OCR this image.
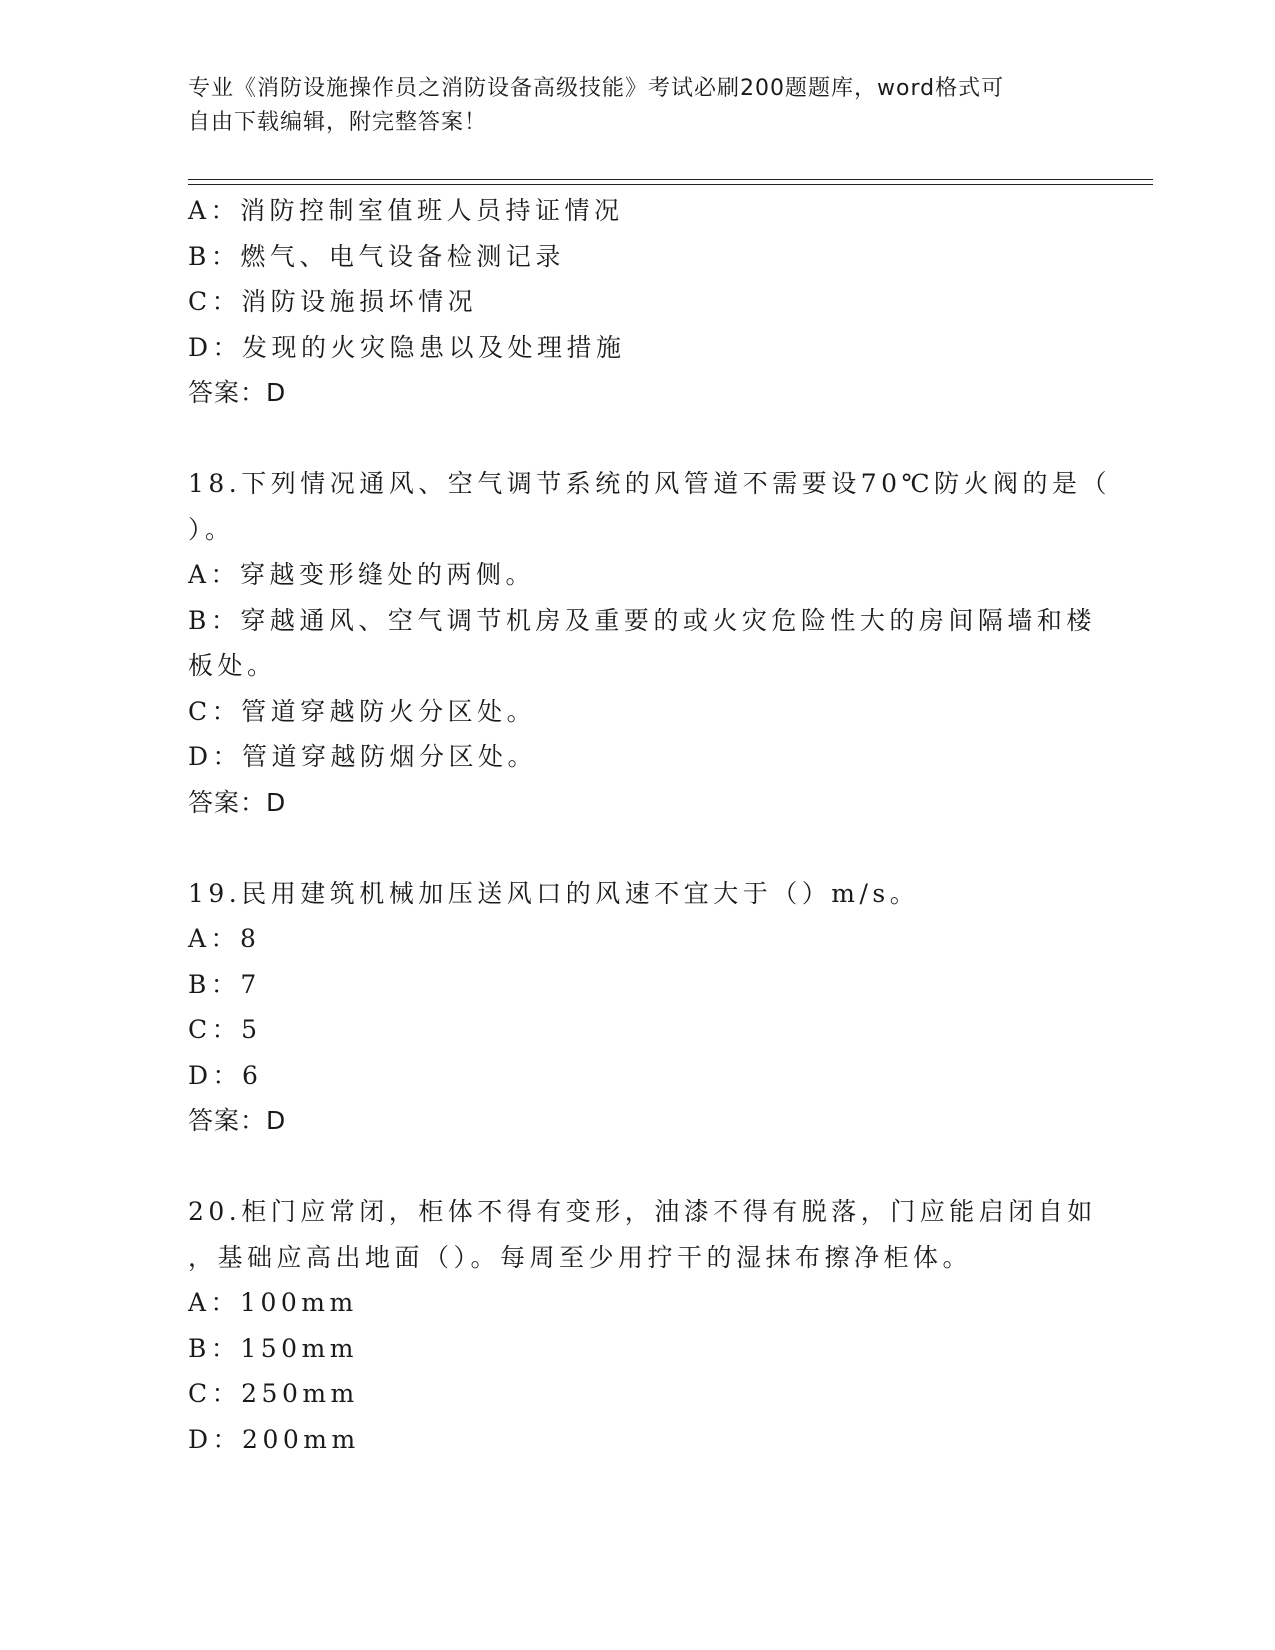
专业《消防设施操作员之消防设备高级技能》考试必刷200题题库，word格式可
自由下载编辑，附完整答案！
A：消防控制室值班人员持证情况
B：燃气、电气设备检测记录
C：消防设施损坏情况
D：发现的火灾隐患以及处理措施
答案：D
18.下列情况通风、空气调节系统的风管道不需要设70℃防火阀的是（
）。
A：穿越变形缝处的两侧。
B：穿越通风、空气调节机房及重要的或火灾危险性大的房间隔墙和楼
板处。
C：管道穿越防火分区处。
D：管道穿越防烟分区处。
答案：D
19.民用建筑机械加压送风口的风速不宜大于（）m/s。
A：8
B：7
C：5
D：6
答案：D
20.柜门应常闭，柜体不得有变形，油漆不得有脱落，门应能启闭自如
，基础应高出地面（）。每周至少用拧干的湿抹布擦净柜体。
A：100mm
B：150mm
C：250mm
D：200mm
